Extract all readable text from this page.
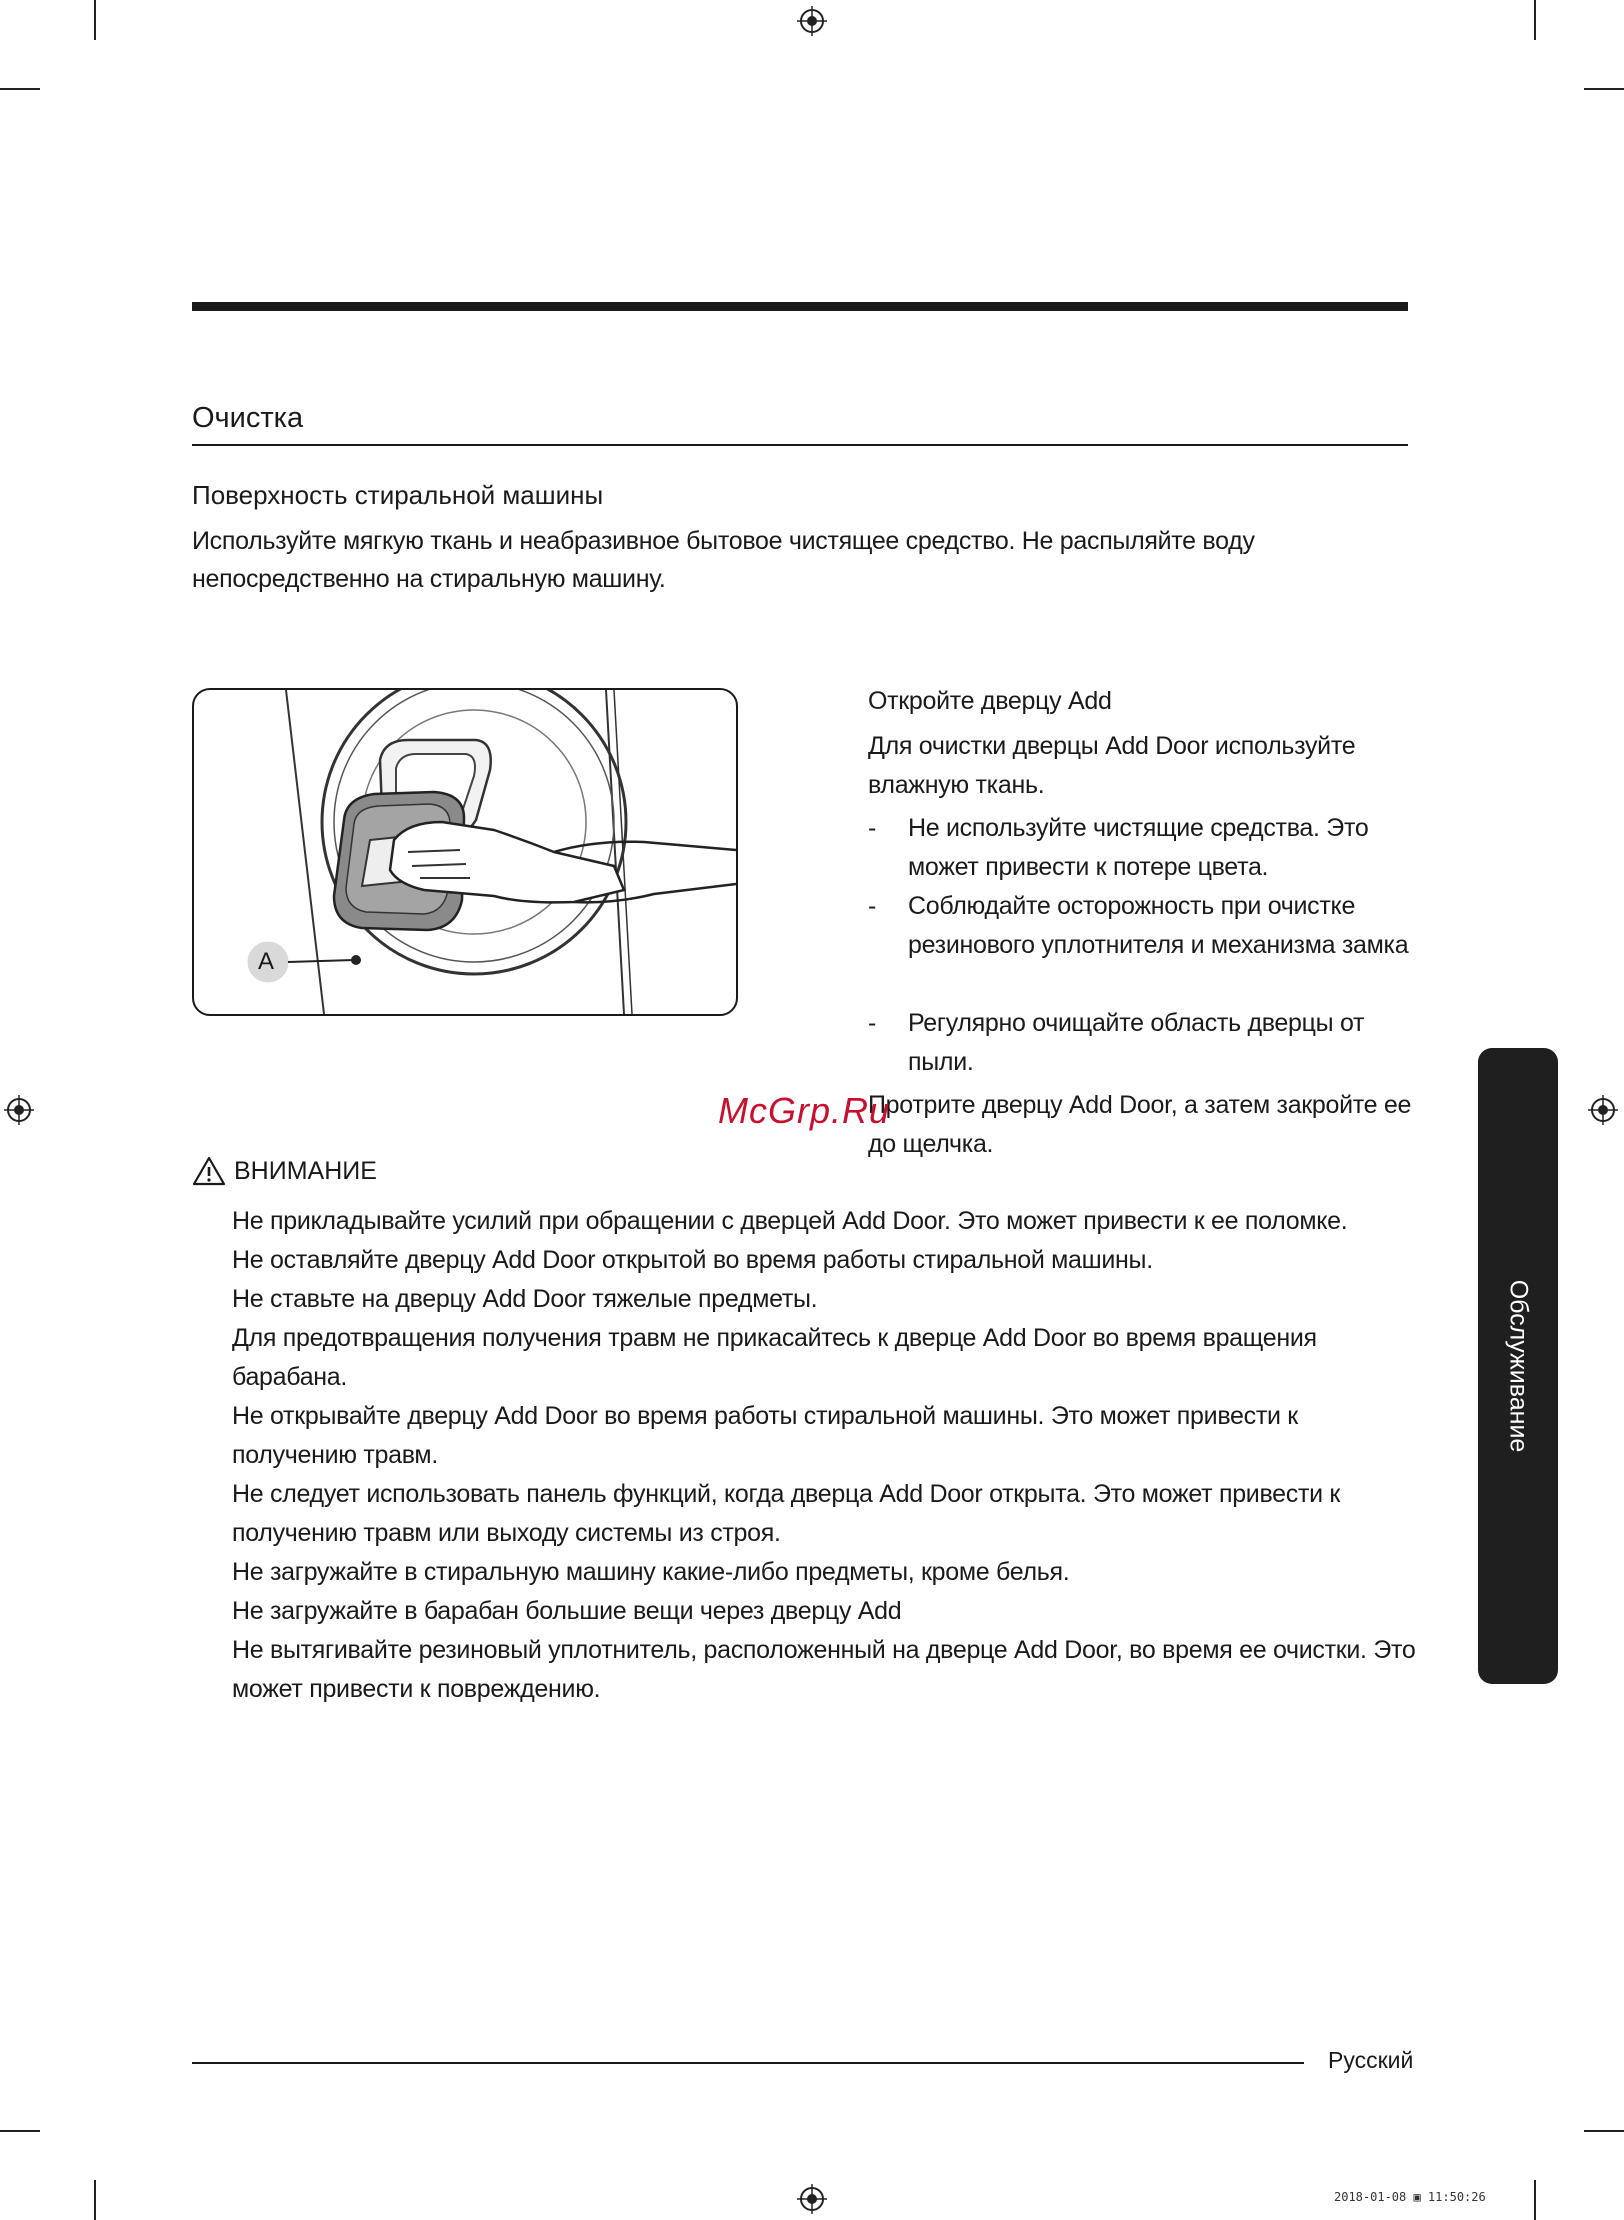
Очистка
Поверхность стиральной машины
Используйте мягкую ткань и неабразивное бытовое чистящее средство. Не распыляйте воду непосредственно на стиральную машину.
A

Откройте дверцу Add

Для очистки дверцы Add Door используйте влажную ткань.

- Не используйте чистящие средства. Это может привести к потере цвета.
- Соблюдайте осторожность при очистке резинового уплотнителя и механизма замка
- Регулярно очищайте область дверцы от пыли.

Протрите дверцу Add Door, а затем закройте ее до щелчка.

McGrp.Ru
ВНИМАНИЕ
Не прикладывайте усилий при обращении с дверцей Add Door. Это может привести к ее поломке.
Не оставляйте дверцу Add Door открытой во время работы стиральной машины.
Не ставьте на дверцу Add Door тяжелые предметы.
Для предотвращения получения травм не прикасайтесь к дверце Add Door во время вращения барабана.
Не открывайте дверцу Add Door во время работы стиральной машины. Это может привести к получению травм.
Не следует использовать панель функций, когда дверца Add Door открыта. Это может привести к получению травм или выходу системы из строя.
Не загружайте в стиральную машину какие-либо предметы, кроме белья.
Не загружайте в барабан большие вещи через дверцу Add
Не вытягивайте резиновый уплотнитель, расположенный на дверце Add Door, во время ее очистки. Это может привести к повреждению.
Обслуживание
Русский
2018-01-08 ▣ 11:50:26
